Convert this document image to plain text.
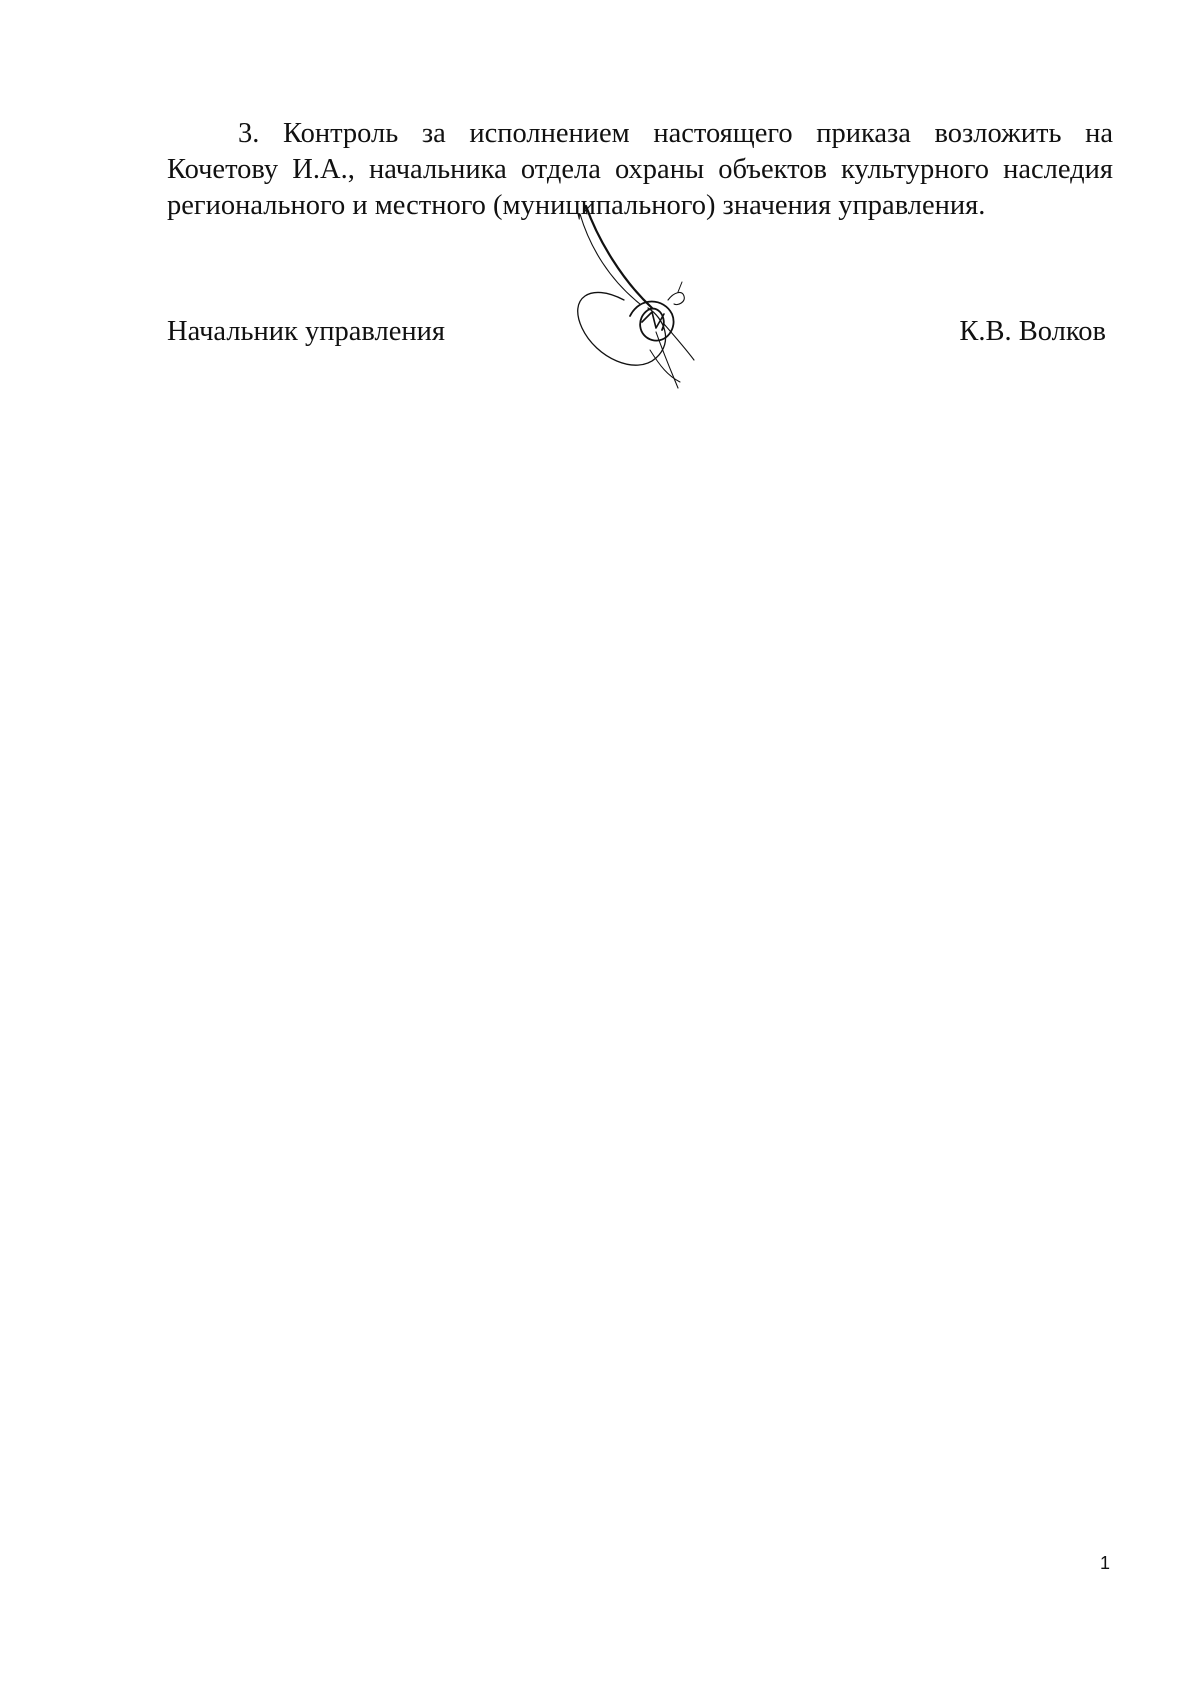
3. Контроль за исполнением настоящего приказа возложить на Кочетову И.А., начальника отдела охраны объектов культурного наследия регионального и местного (муниципального) значения управления.

Начальник управления	К.В. Волков
1
